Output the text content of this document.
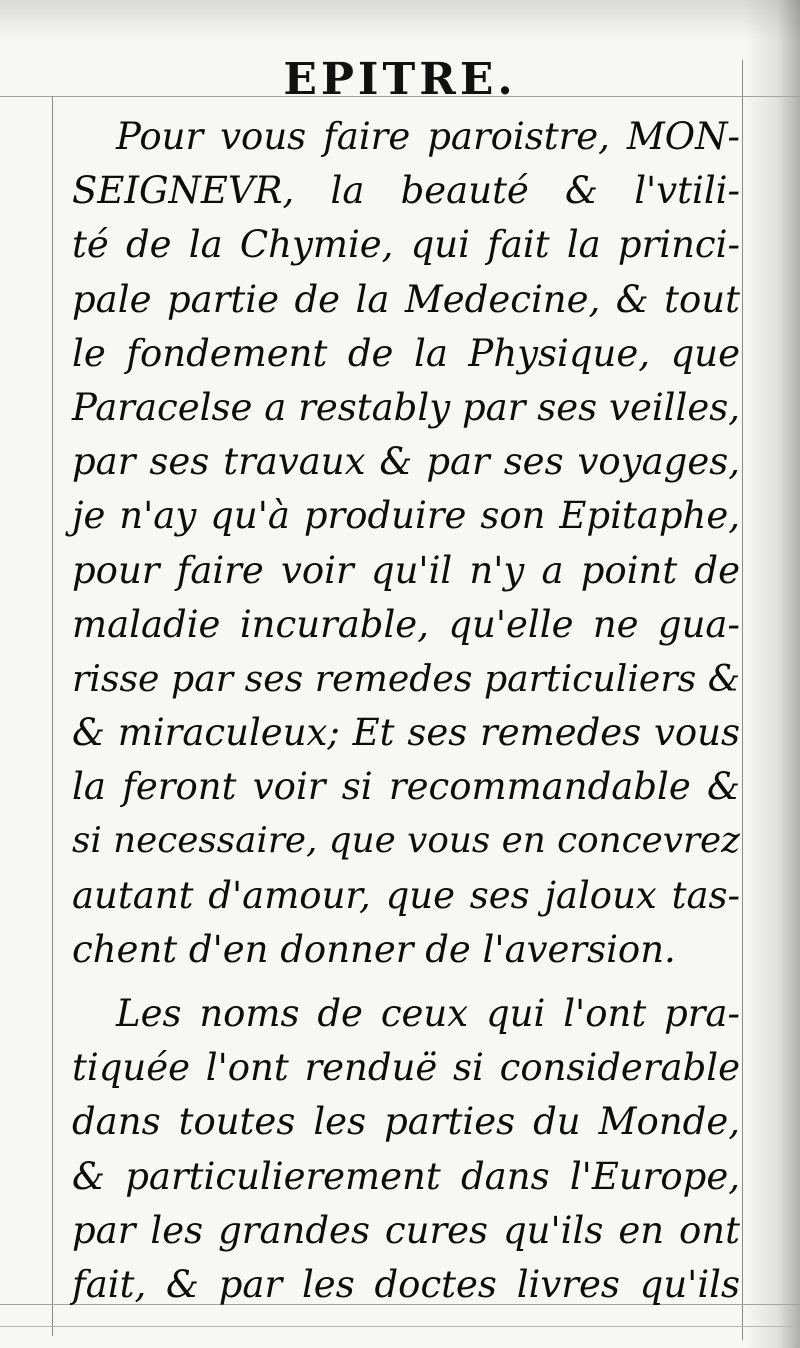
EPITRE.
Pour vous faire paroistre, MON-
SEIGNEVR, la beauté & l'vtili-
té de la Chymie, qui fait la princi-
pale partie de la Medecine, & tout
le fondement de la Physique, que
Paracelse a restably par ses veilles,
par ses travaux & par ses voyages,
je n'ay qu'à produire son Epitaphe,
pour faire voir qu'il n'y a point de
maladie incurable, qu'elle ne gua-
risse par ses remedes particuliers &
& miraculeux; Et ses remedes vous
la feront voir si recommandable &
si necessaire, que vous en concevrez
autant d'amour, que ses jaloux tas-
chent d'en donner de l'aversion.
Les noms de ceux qui l'ont pra-
tiquée l'ont renduë si considerable
dans toutes les parties du Monde,
& particulierement dans l'Europe,
par les grandes cures qu'ils en ont
fait, & par les doctes livres qu'ils
